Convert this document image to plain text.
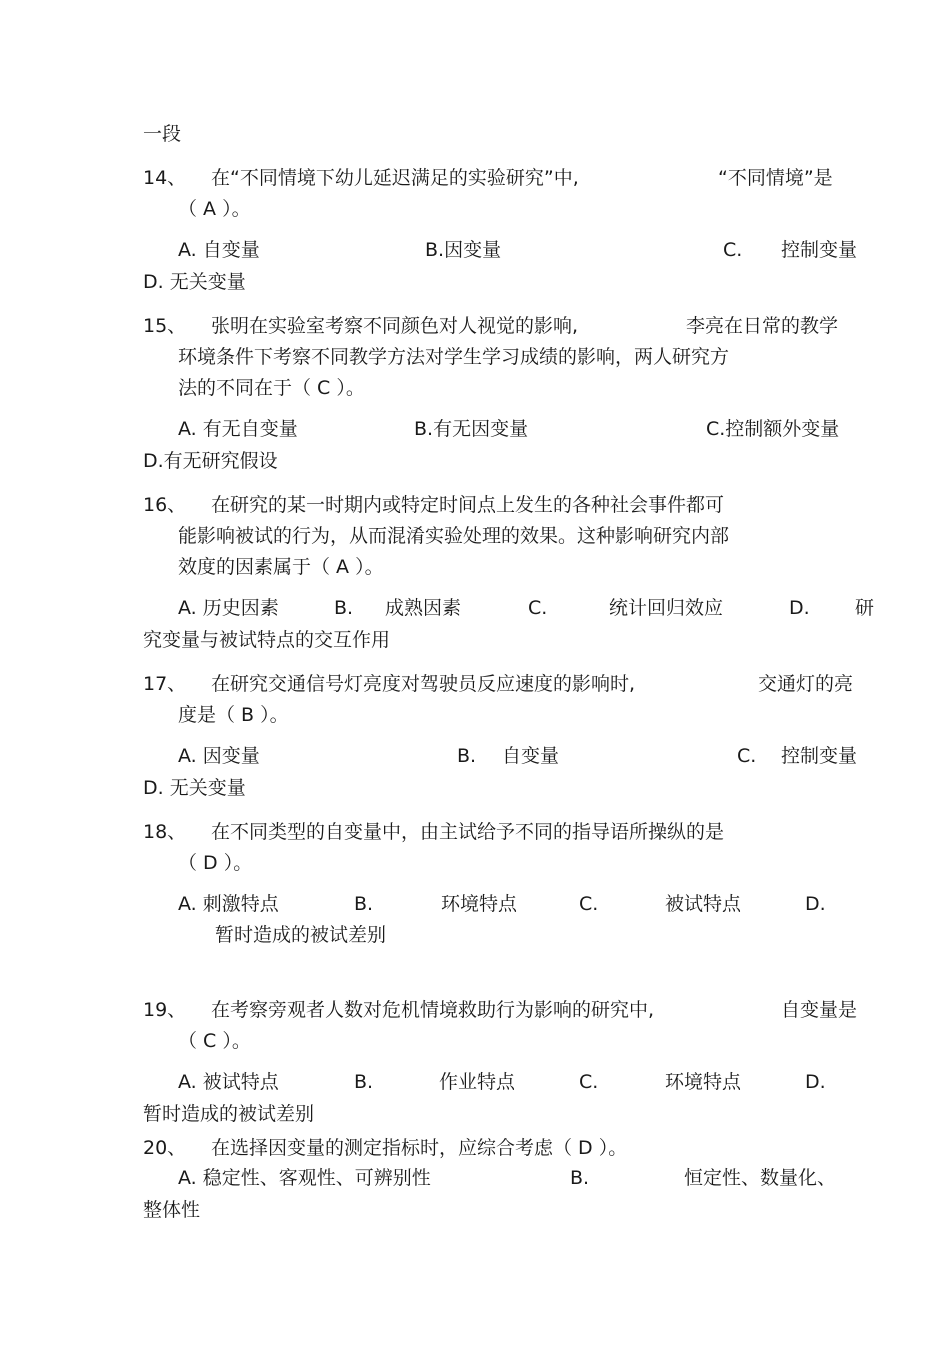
一段
14、 在“不同情境下幼儿延迟满足的实验研究”中,	“不同情境”是
（ A ）。
A. 自变量	B.因变量	C. 控制变量
D. 无关变量
15、 张明在实验室考察不同颜色对人视觉的影响,	李亮在日常的教学
环境条件下考察不同教学方法对学生学习成绩的影响，两人研究方
法的不同在于（ C ）。
A. 有无自变量	B.有无因变量	C.控制额外变量
D.有无研究假设
16、 在研究的某一时期内或特定时间点上发生的各种社会事件都可
能影响被试的行为，从而混淆实验处理的效果。这种影响研究内部
效度的因素属于（ A ）。
A. 历史因素	B. 成熟因素	C.	统计回归效应	D. 研
究变量与被试特点的交互作用
17、 在研究交通信号灯亮度对驾驶员反应速度的影响时,	交通灯的亮
度是（ B ）。
A. 因变量	B. 自变量	C. 控制变量
D. 无关变量
18、 在不同类型的自变量中，由主试给予不同的指导语所操纵的是
（ D ）。
A. 刺激特点	B.	环境特点	C.	被试特点	D.
暂时造成的被试差别
19、 在考察旁观者人数对危机情境救助行为影响的研究中,	自变量是
（ C ）。
A. 被试特点	B.	作业特点	C.	环境特点	D.
暂时造成的被试差别
20、 在选择因变量的测定指标时，应综合考虑（ D ）。
A. 稳定性、客观性、可辨别性	B.	恒定性、数量化、
整体性
